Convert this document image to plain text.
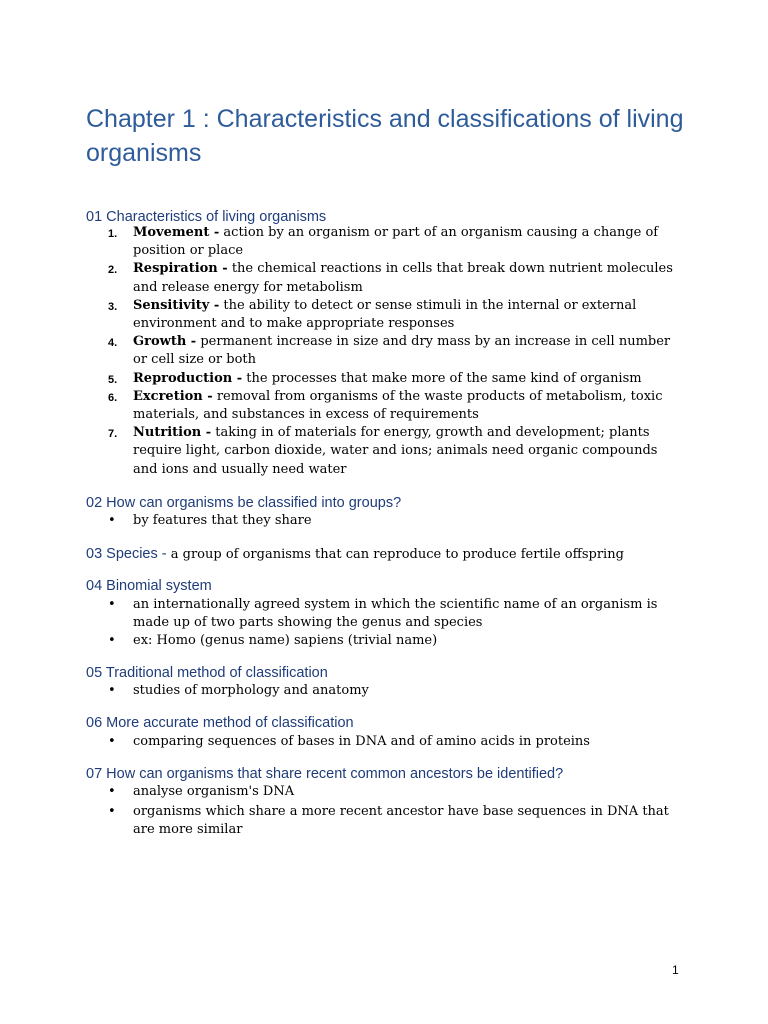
Chapter 1 : Characteristics and classifications of living organisms
01 Characteristics of living organisms
1. Movement - action by an organism or part of an organism causing a change of position or place
2. Respiration - the chemical reactions in cells that break down nutrient molecules and release energy for metabolism
3. Sensitivity - the ability to detect or sense stimuli in the internal or external environment and to make appropriate responses
4. Growth - permanent increase in size and dry mass by an increase in cell number or cell size or both
5. Reproduction - the processes that make more of the same kind of organism
6. Excretion - removal from organisms of the waste products of metabolism, toxic materials, and substances in excess of requirements
7. Nutrition - taking in of materials for energy, growth and development; plants require light, carbon dioxide, water and ions; animals need organic compounds and ions and usually need water
02 How can organisms be classified into groups?
• by features that they share
03 Species - a group of organisms that can reproduce to produce fertile offspring
04 Binomial system
• an internationally agreed system in which the scientific name of an organism is made up of two parts showing the genus and species
• ex: Homo (genus name) sapiens (trivial name)
05 Traditional method of classification
• studies of morphology and anatomy
06 More accurate method of classification
• comparing sequences of bases in DNA and of amino acids in proteins
07 How can organisms that share recent common ancestors be identified?
• analyse organism's DNA
• organisms which share a more recent ancestor have base sequences in DNA that are more similar
1
